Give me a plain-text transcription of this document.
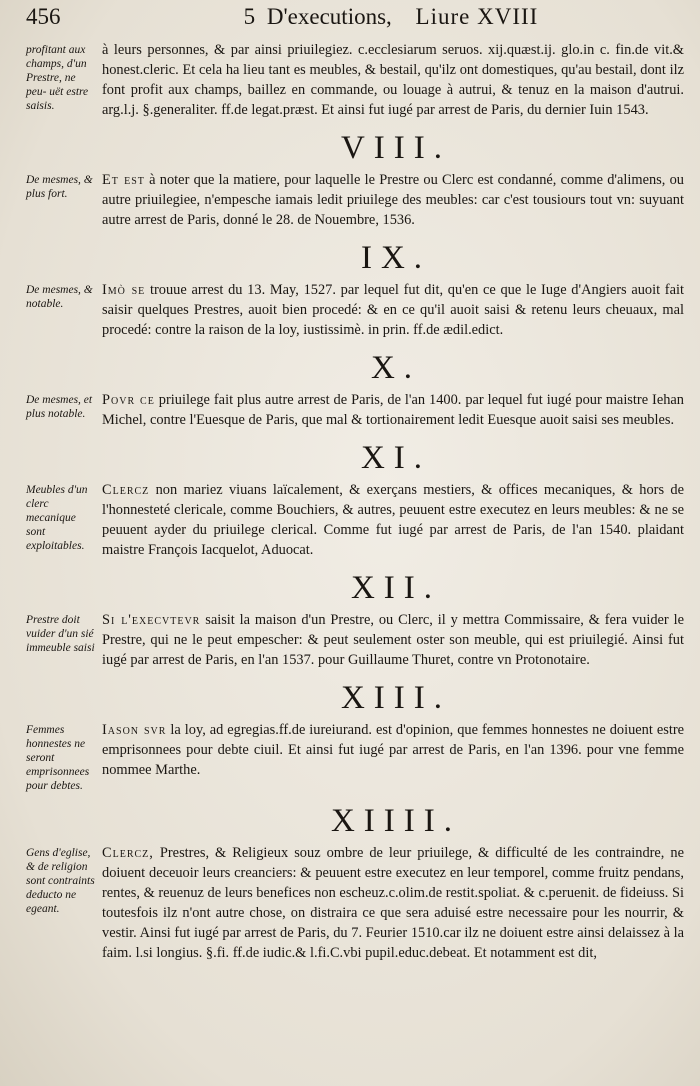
456	5 D'executions, Liure XVIII
profitant aux champs, d'un Prestre, ne peu- uët estre saisis.
à leurs personnes, & par ainsi priuilegiez. c.ecclesiarum seruos. xij.quæst.ij. glo.in c. fin.de vit.& honest.cleric. Et cela ha lieu tant es meubles, & bestail, qu'ilz ont domestiques, qu'au bestail, dont ilz font profit aux champs, baillez en commande, ou louage à autrui, & tenuz en la maison d'autrui. arg.l.j. §.generaliter. ff.de legat.præst. Et ainsi fut iugé par arrest de Paris, du dernier Iuin 1543.
VIII.
De mesmes, & plus fort.
Et est à noter que la matiere, pour laquelle le Prestre ou Clerc est condanné, comme d'alimens, ou autre priuilegiee, n'empesche iamais ledit priuilege des meubles: car c'est tousiours tout vn: suyuant autre arrest de Paris, donné le 28. de Nouembre, 1536.
IX.
De mesmes, & notable.
Imò se trouue arrest du 13. May, 1527. par lequel fut dit, qu'en ce que le Iuge d'Angiers auoit fait saisir quelques Prestres, auoit bien procedé: & en ce qu'il auoit saisi & retenu leurs cheuaux, mal procedé: contre la raison de la loy, iustissimè. in prin. ff.de ædil.edict.
X.
De mesmes, et plus notable.
Povr ce priuilege fait plus autre arrest de Paris, de l'an 1400. par lequel fut iugé pour maistre Iehan Michel, contre l'Euesque de Paris, que mal & tortionairement ledit Euesque auoit saisi ses meubles.
XI.
Meubles d'un clerc mecanique sont exploitables.
Clercz non mariez viuans laïcalement, & exerçans mestiers, & offices mecaniques, & hors de l'honnesteté clericale, comme Bouchiers, & autres, peuuent estre executez en leurs meubles: & ne se peuuent ayder du priuilege clerical. Comme fut iugé par arrest de Paris, de l'an 1540. plaidant maistre François Iacquelot, Aduocat.
XII.
Prestre doit vuider d'un sié immeuble saisi
Si l'execvtevr saisit la maison d'un Prestre, ou Clerc, il y mettra Commissaire, & fera vuider le Prestre, qui ne le peut empescher: & peut seulement oster son meuble, qui est priuilegié. Ainsi fut iugé par arrest de Paris, en l'an 1537. pour Guillaume Thuret, contre vn Protonotaire.
XIII.
Femmes honnestes ne seront emprisonnees pour debtes.
Iason svr la loy, ad egregias.ff.de iureiurand. est d'opinion, que femmes honnestes ne doiuent estre emprisonnees pour debte ciuil. Et ainsi fut iugé par arrest de Paris, en l'an 1396. pour vne femme nommee Marthe.
XIIII.
Gens d'eglise, & de religion sont contraints deducto ne egeant.
Clercz, Prestres, & Religieux souz ombre de leur priuilege, & difficulté de les contraindre, ne doiuent deceuoir leurs creanciers: & peuuent estre executez en leur temporel, comme fruitz pendans, rentes, & reuenuz de leurs benefices non escheuz.c.olim.de restit.spoliat. & c.peruenit. de fideiuss. Si toutesfois ilz n'ont autre chose, on distraira ce que sera aduisé estre necessaire pour les nourrir, & vestir. Ainsi fut iugé par arrest de Paris, du 7. Feurier 1510.car ilz ne doiuent estre ainsi delaissez à la faim. l.si longius. §.fi. ff.de iudic.& l.fi.C.vbi pupil.educ.debeat. Et notamment est dit,
